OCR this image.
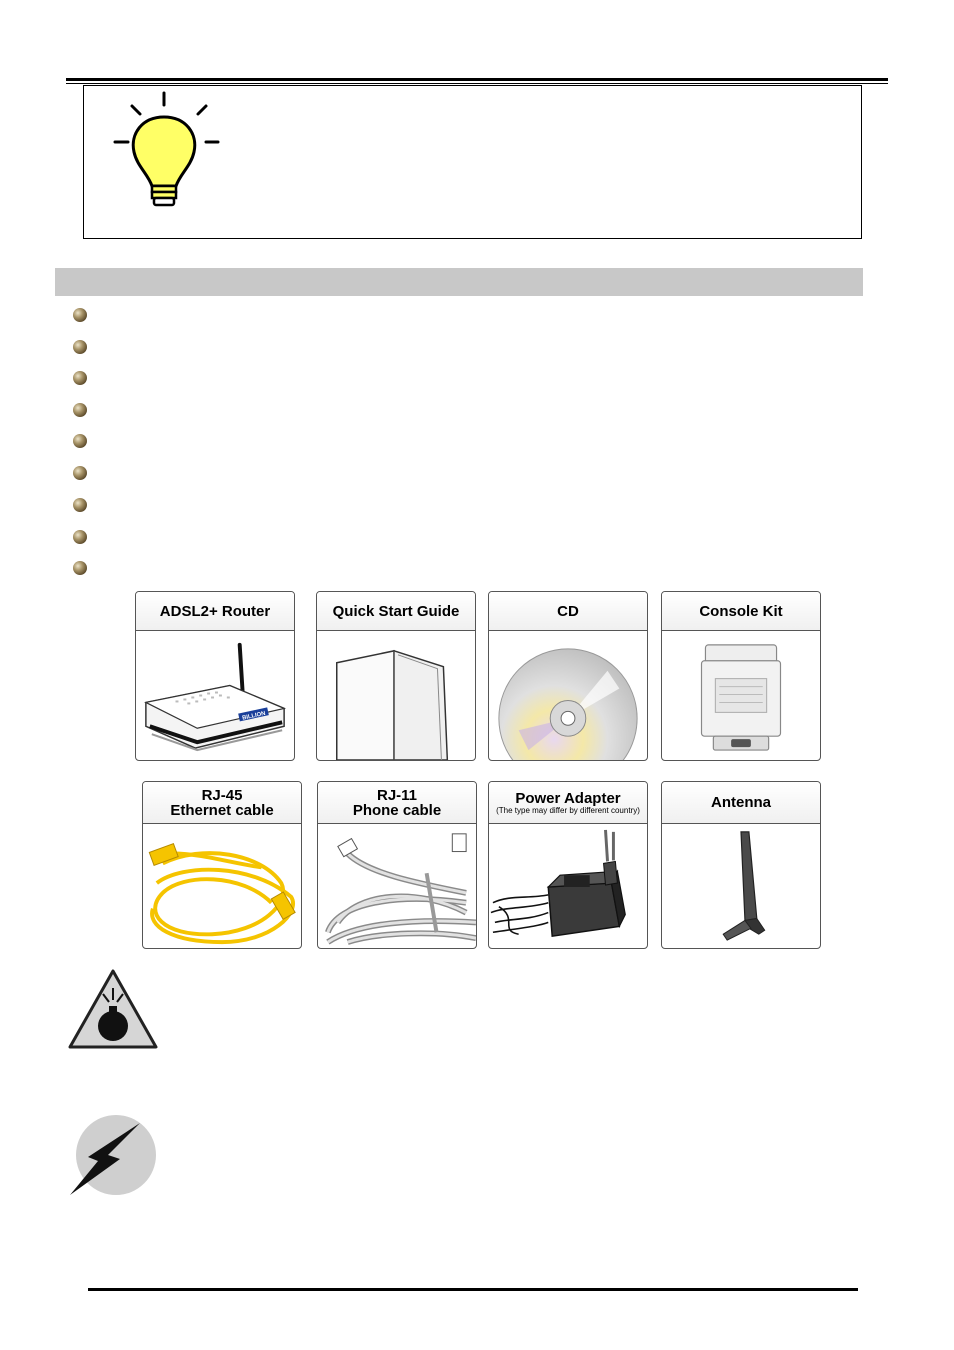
ADSL2+ Router
BILLION
Quick Start Guide	CD	Console Kit
RJ-45
Ethernet cable
RJ-11
Phone cable
Power Adapter
(The type may differ by different country)	Antenna
